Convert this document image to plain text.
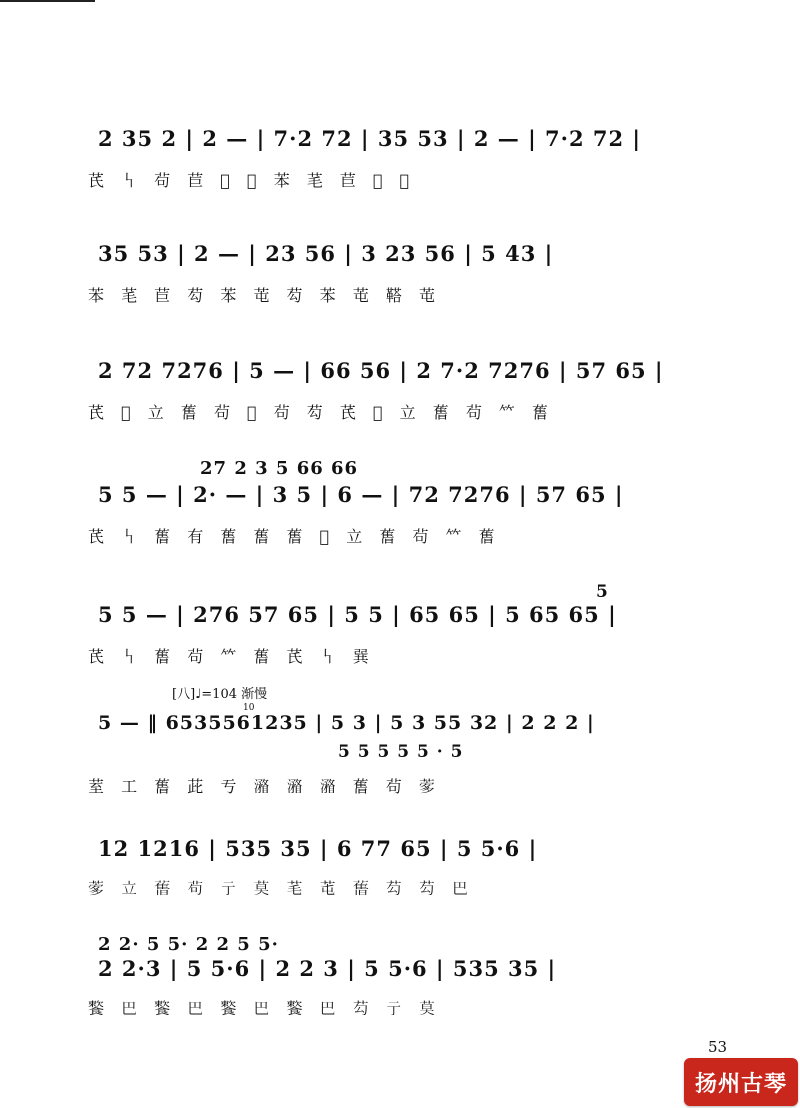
2 35 2 | 2 — | 7·2 72 | 35 53 | 2 — | 7·2 72 |
芪 𠃑 茍 苣 𧇉 𧇉 苯 芼 苣 𦴌 𦴌
35 53 | 2 — | 23 56 | 3 23 56 | 5 43 |
苯 芼 苣 芶 苯 芚 芶 苯 芚 鞳 芚
2 72 7276 | 5 — | 66 56 | 2 7·2 7276 | 57 65 |
芪 𧇉 立 𦾔 茍 𧇉 茍 芶 芪 𧇉 立 𦾔 茍 𥫗 𦾔
27 2 3 5 66 66
5 5 — | 2· — | 3 5 | 6 — | 72 7276 | 57 65 |
芪 𠃑 𦾔 有 𦾔 𦾔 𦾔 𧇉 立 𦾔 茍 𥫗 𦾔
5
5 5 — | 276 57 65 | 5 5 | 65 65 | 5 65 65 |
芪 𠃑 𦾔 茍 𥫗 𦾔 芪 𠃑 𢁉
[八]♩=104 渐慢
10
5 — ‖ 6535561235 | 5 3 | 5 3 55 32 | 2 2 2 |
5 5 5 5 5 · 5
荎 工 𦾔 茈 亐 𣿧 𣿧 𣿧 𦾔 茍 𦴌
12 1216 | 535 35 | 6 77 65 | 5 5·6 |
𦴌 立 𦾔 茍 亍 莫 芼 芚 𦾔 芶 芶 巴
2 2· 5 5· 2 2 5 5·
2 2·3 | 5 5·6 | 2 2 3 | 5 5·6 | 535 35 |
𩞌 巴 𩞌 巴 𩞌 巴 𩞌 巴 芶 亍 莫
53
扬州古琴
